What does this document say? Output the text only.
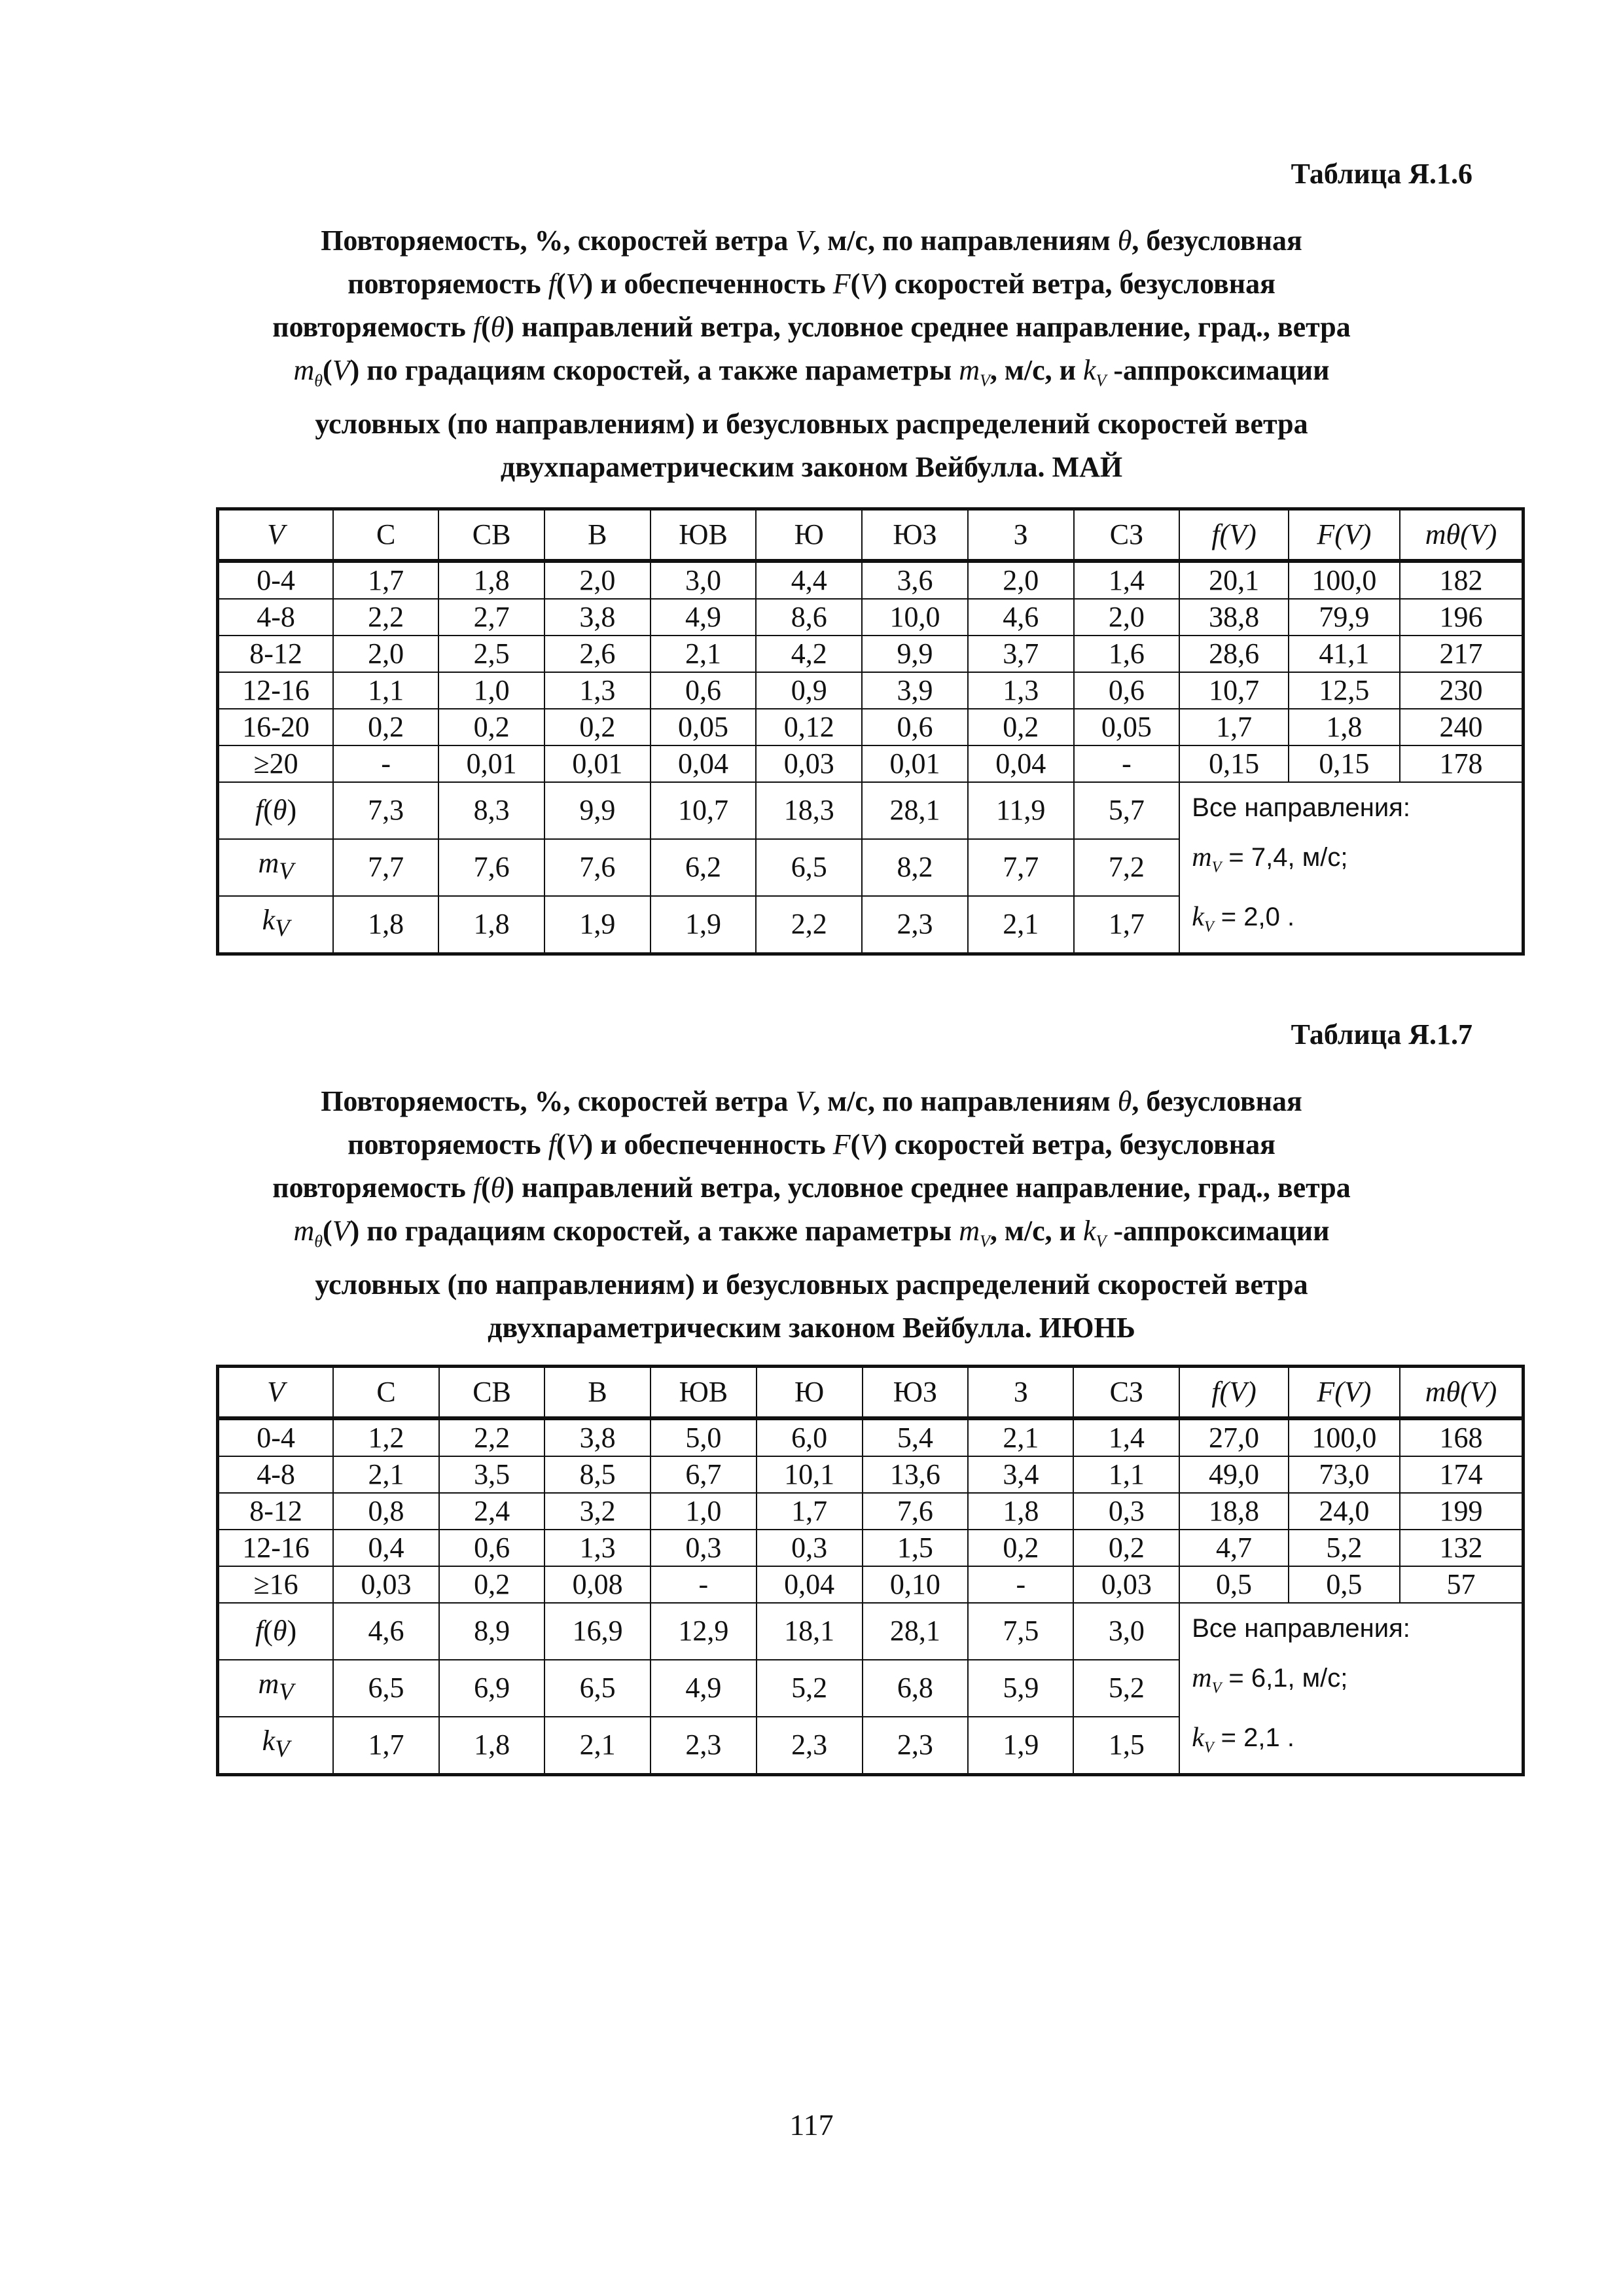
Таблица Я.1.6
Повторяемость, %, скоростей ветра V, м/с, по направлениям θ, безусловная
повторяемость f(V) и обеспеченность F(V) скоростей ветра, безусловная
повторяемость f(θ) направлений ветра, условное среднее направление, град., ветра
$m_\theta(V)$ по градациям скоростей, а также параметры $m_V$, м/с, и $k_V$ -аппроксимации
условных (по направлениям) и безусловных распределений скоростей ветра
двухпараметрическим законом Вейбулла. МАЙ
V	С	СВ	В	ЮВ	Ю	ЮЗ	З	СЗ	f(V)	F(V)	mθ(V)
0-4	1,7	1,8	2,0	3,0	4,4	3,6	2,0	1,4	20,1	100,0	182
4-8	2,2	2,7	3,8	4,9	8,6	10,0	4,6	2,0	38,8	79,9	196
8-12	2,0	2,5	2,6	2,1	4,2	9,9	3,7	1,6	28,6	41,1	217
12-16	1,1	1,0	1,3	0,6	0,9	3,9	1,3	0,6	10,7	12,5	230
16-20	0,2	0,2	0,2	0,05	0,12	0,6	0,2	0,05	1,7	1,8	240
≥20	-	0,01	0,01	0,04	0,03	0,01	0,04	-	0,15	0,15	178
f(θ)	7,3	8,3	9,9	10,7	18,3	28,1	11,9	5,7	Все направления:
$m_V = 7,4$, м/с;
$k_V = 2,0$ .		

$m_V$	7,7	7,6	7,6	6,2	6,5	8,2	7,7	7,2			
$k_V$	1,8	1,8	1,9	1,9	2,2	2,3	2,1	1,7			
Таблица Я.1.7
Повторяемость, %, скоростей ветра V, м/с, по направлениям θ, безусловная
повторяемость f(V) и обеспеченность F(V) скоростей ветра, безусловная
повторяемость f(θ) направлений ветра, условное среднее направление, град., ветра
$m_\theta(V)$ по градациям скоростей, а также параметры $m_V$, м/с, и $k_V$ -аппроксимации
условных (по направлениям) и безусловных распределений скоростей ветра
двухпараметрическим законом Вейбулла. ИЮНЬ
V	С	СВ	В	ЮВ	Ю	ЮЗ	З	СЗ	f(V)	F(V)	mθ(V)
0-4	1,2	2,2	3,8	5,0	6,0	5,4	2,1	1,4	27,0	100,0	168
4-8	2,1	3,5	8,5	6,7	10,1	13,6	3,4	1,1	49,0	73,0	174
8-12	0,8	2,4	3,2	1,0	1,7	7,6	1,8	0,3	18,8	24,0	199
12-16	0,4	0,6	1,3	0,3	0,3	1,5	0,2	0,2	4,7	5,2	132
≥16	0,03	0,2	0,08	-	0,04	0,10	-	0,03	0,5	0,5	57
f(θ)	4,6	8,9	16,9	12,9	18,1	28,1	7,5	3,0	Все направления:
$m_V = 6,1$, м/с;
$k_V = 2,1$ .		

$m_V$	6,5	6,9	6,5	4,9	5,2	6,8	5,9	5,2			
$k_V$	1,7	1,8	2,1	2,3	2,3	2,3	1,9	1,5			
117
